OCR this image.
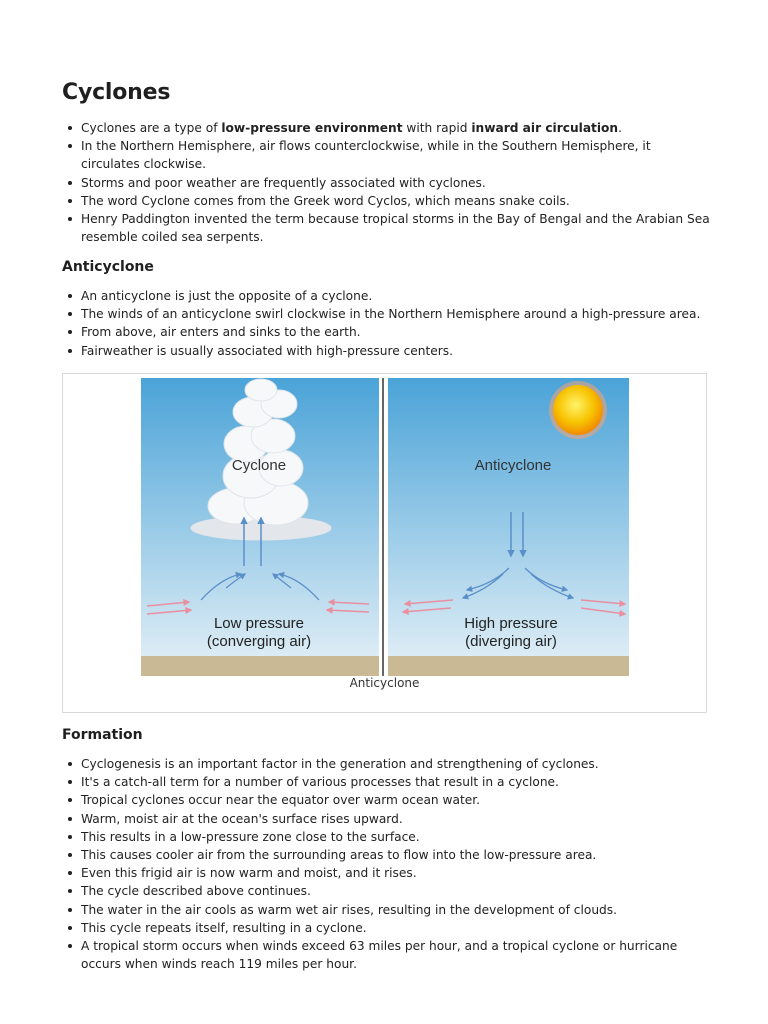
Cyclones
Cyclones are a type of low-pressure environment with rapid inward air circulation.
In the Northern Hemisphere, air flows counterclockwise, while in the Southern Hemisphere, it circulates clockwise.
Storms and poor weather are frequently associated with cyclones.
The word Cyclone comes from the Greek word Cyclos, which means snake coils.
Henry Paddington invented the term because tropical storms in the Bay of Bengal and the Arabian Sea resemble coiled sea serpents.
Anticyclone
An anticyclone is just the opposite of a cyclone.
The winds of an anticyclone swirl clockwise in the Northern Hemisphere around a high-pressure area.
From above, air enters and sinks to the earth.
Fairweather is usually associated with high-pressure centers.
Cyclone
Low pressure
(converging air)
Anticyclone
High pressure
(diverging air)
Anticyclone
Formation
Cyclogenesis is an important factor in the generation and strengthening of cyclones.
It's a catch-all term for a number of various processes that result in a cyclone.
Tropical cyclones occur near the equator over warm ocean water.
Warm, moist air at the ocean's surface rises upward.
This results in a low-pressure zone close to the surface.
This causes cooler air from the surrounding areas to flow into the low-pressure area.
Even this frigid air is now warm and moist, and it rises.
The cycle described above continues.
The water in the air cools as warm wet air rises, resulting in the development of clouds.
This cycle repeats itself, resulting in a cyclone.
A tropical storm occurs when winds exceed 63 miles per hour, and a tropical cyclone or hurricane occurs when winds reach 119 miles per hour.
